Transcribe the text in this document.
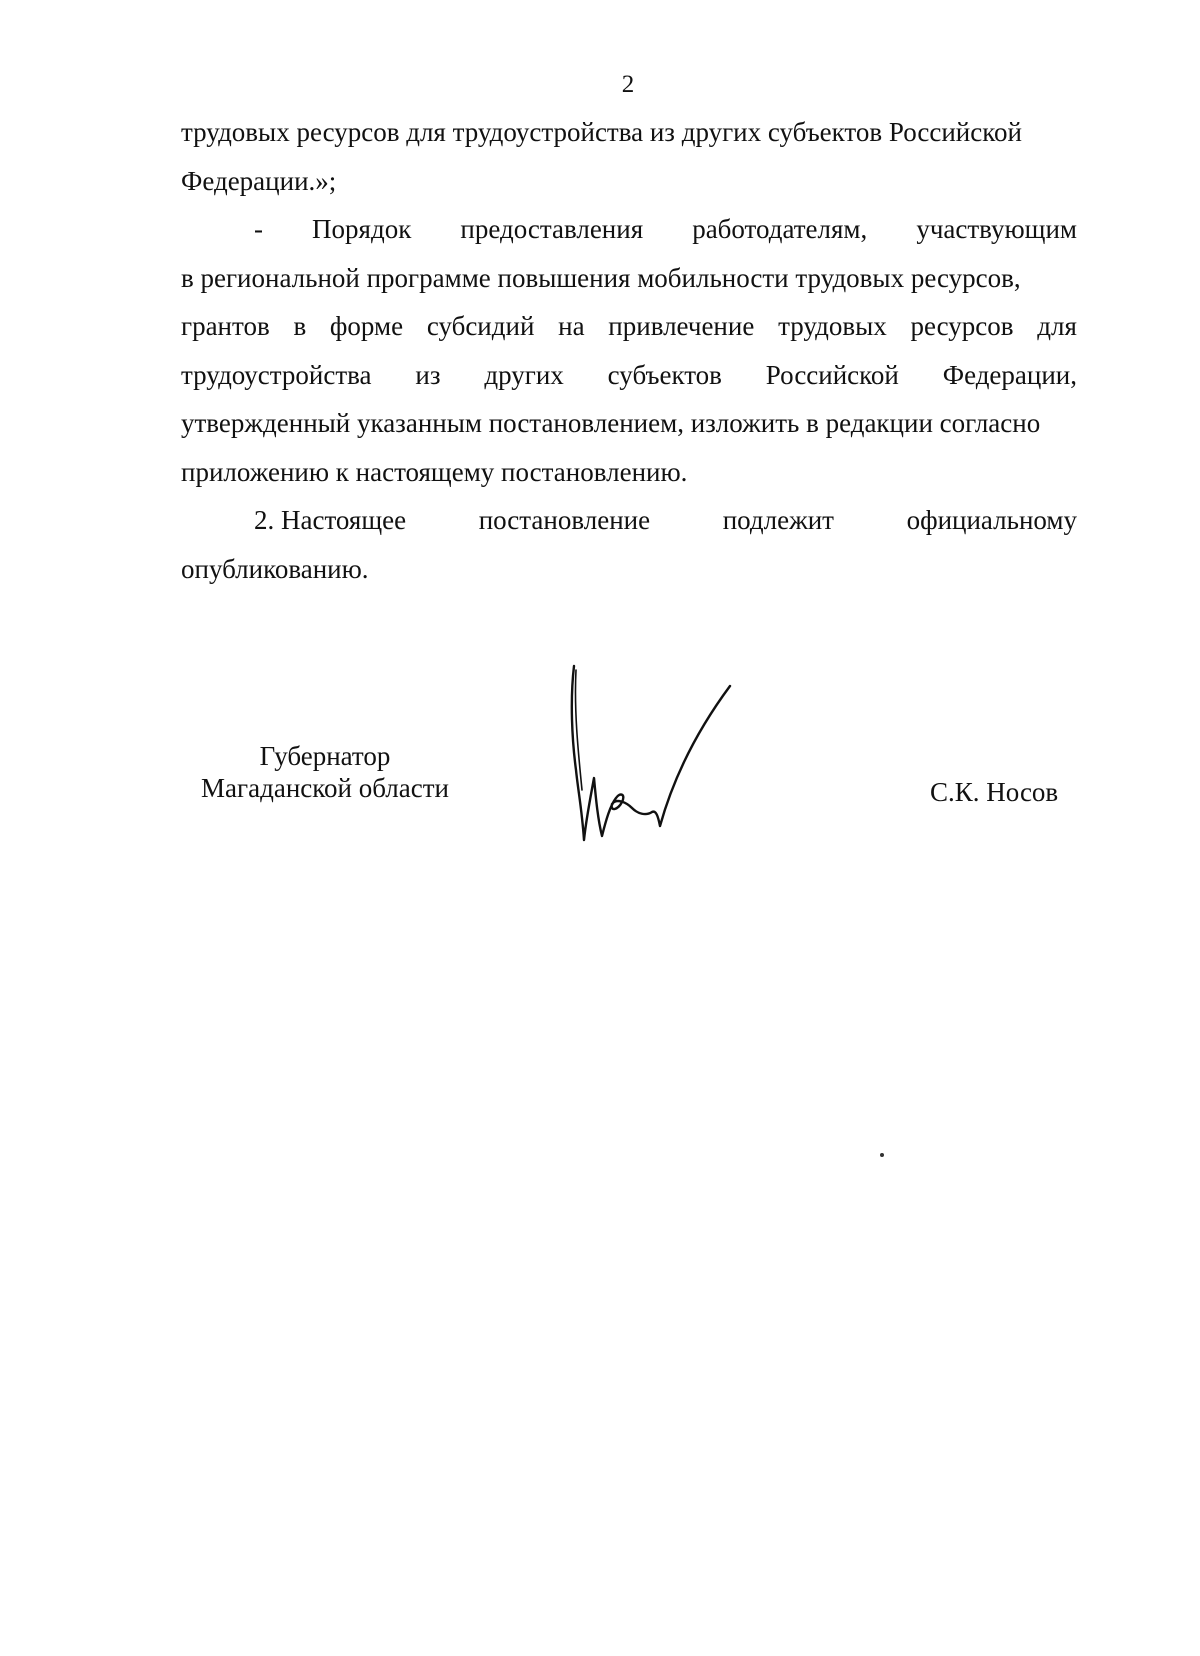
2

трудовых ресурсов для трудоустройства из других субъектов Российской
Федерации.»;

- Порядок предоставления работодателям, участвующим
в региональной программе повышения мобильности трудовых ресурсов,
грантов в форме субсидий на привлечение трудовых ресурсов для
трудоустройства из других субъектов Российской Федерации,
утвержденный указанным постановлением, изложить в редакции согласно
приложению к настоящему постановлению.

2. Настоящее	постановление	подлежит	официальному
опубликованию.

Губернатор
Магаданской области	С.К. Носов
